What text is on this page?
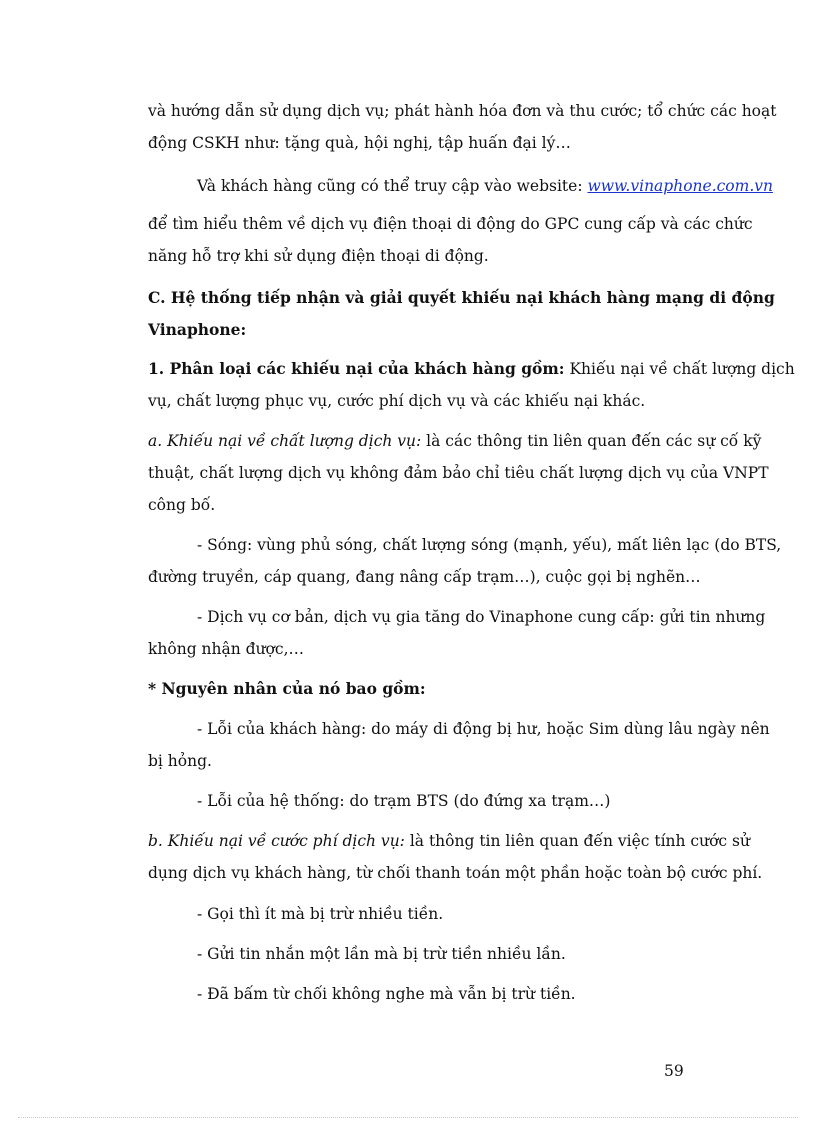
và hướng dẫn sử dụng dịch vụ; phát hành hóa đơn và thu cước; tổ chức các hoạt
động CSKH như: tặng quà, hội nghị, tập huấn đại lý…
Và khách hàng cũng có thể truy cập vào website: www.vinaphone.com.vn
để tìm hiểu thêm về dịch vụ điện thoại di động do GPC cung cấp và các chức
năng hỗ trợ khi sử dụng điện thoại di động.
C. Hệ thống tiếp nhận và giải quyết khiếu nại khách hàng mạng di động
Vinaphone:
1. Phân loại các khiếu nại của khách hàng gồm: Khiếu nại về chất lượng dịch
vụ, chất lượng phục vụ, cước phí dịch vụ và các khiếu nại khác.
a. Khiếu nại về chất lượng dịch vụ: là các thông tin liên quan đến các sự cố kỹ
thuật, chất lượng dịch vụ không đảm bảo chỉ tiêu chất lượng dịch vụ của VNPT
công bố.
- Sóng: vùng phủ sóng, chất lượng sóng (mạnh, yếu), mất liên lạc (do BTS,
đường truyền, cáp quang, đang nâng cấp trạm…), cuộc gọi bị nghẽn…
- Dịch vụ cơ bản, dịch vụ gia tăng do Vinaphone cung cấp: gửi tin nhưng
không nhận được,…
* Nguyên nhân của nó bao gồm:
- Lỗi của khách hàng: do máy di động bị hư, hoặc Sim dùng lâu ngày nên
bị hỏng.
- Lỗi của hệ thống: do trạm BTS (do đứng xa trạm…)
b. Khiếu nại về cước phí dịch vụ: là thông tin liên quan đến việc tính cước sử
dụng dịch vụ khách hàng, từ chối thanh toán một phần hoặc toàn bộ cước phí.
- Gọi thì ít mà bị trừ nhiều tiền.
- Gửi tin nhắn một lần mà bị trừ tiền nhiều lần.
- Đã bấm từ chối không nghe mà vẫn bị trừ tiền.
59
